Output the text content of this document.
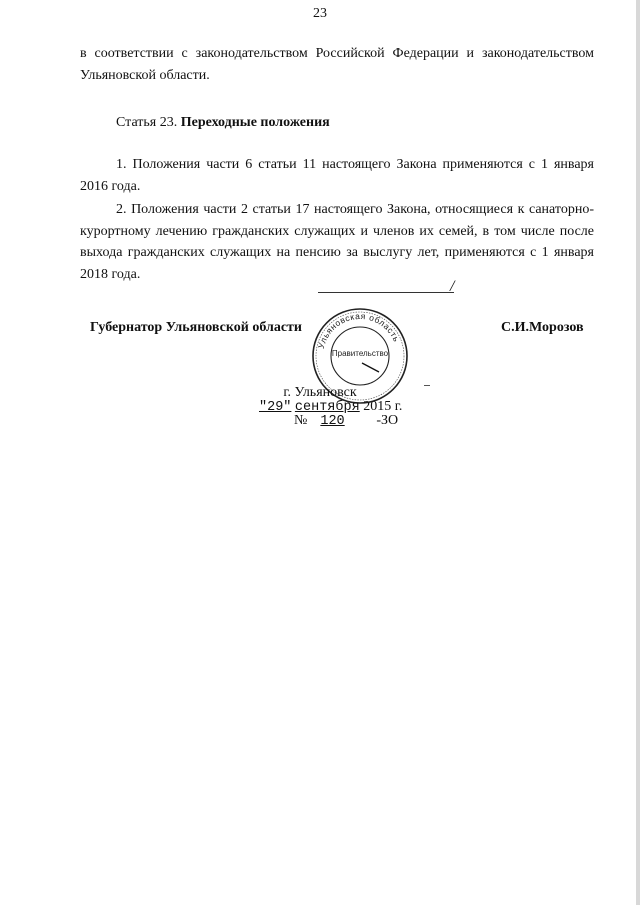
23
в соответствии с законодательством Российской Федерации и законодательством Ульяновской области.
Статья 23. Переходные положения
1. Положения части 6 статьи 11 настоящего Закона применяются с 1 января 2016 года.
2. Положения части 2 статьи 17 настоящего Закона, относящиеся к санаторно-курортному лечению гражданских служащих и членов их семей, в том числе после выхода гражданских служащих на пенсию за выслугу лет, применяются с 1 января 2018 года.
/
Губернатор Ульяновской области	С.И.Морозов
Ульяновская область
Правительство
г. Ульяновск
"29" сентября 2015 г.
№ 120 -ЗО
